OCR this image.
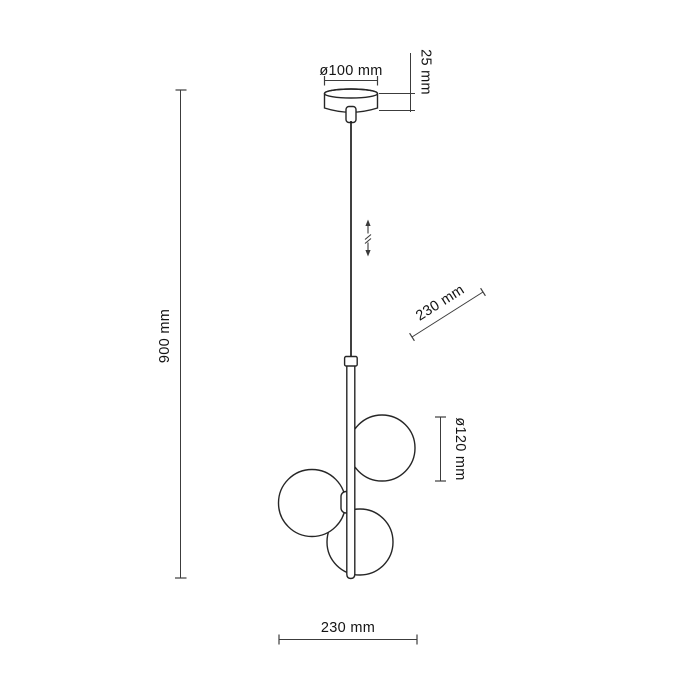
900 mm
ø100 mm 25 mm
230 mm
ø120 mm
230 mm
